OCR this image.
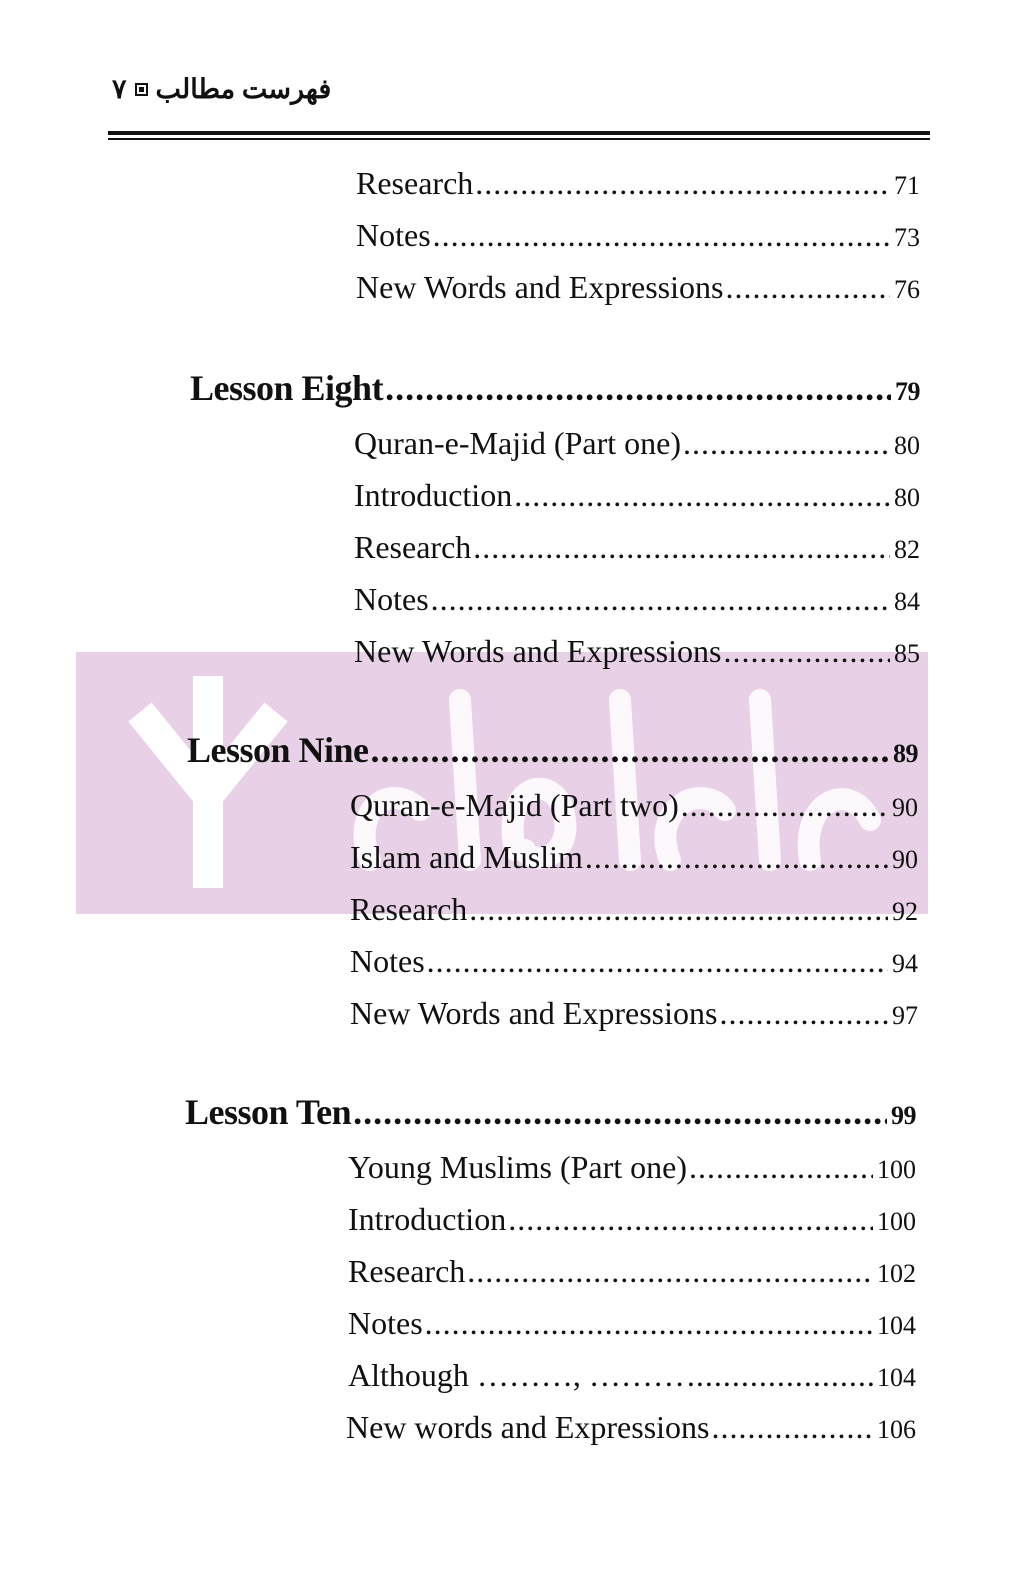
فهرست مطالب
۷
Research .....	71
Notes .....	73
New Words and Expressions .....	76
Lesson Eight .....	79
Quran-e-Majid (Part one) .....	80
Introduction .....	80
Research .....	82
Notes .....	84
New Words and Expressions .....	85
Lesson Nine .....	89
Quran-e-Majid (Part two) .....	90
Islam and Muslim .....	90
Research .....	92
Notes .....	94
New Words and Expressions .....	97
Lesson Ten .....	99
Young Muslims (Part one) .....	100
Introduction .....	100
Research .....	102
Notes .....	104
Although ………, ……… .....	104
New words and Expressions .....	106
